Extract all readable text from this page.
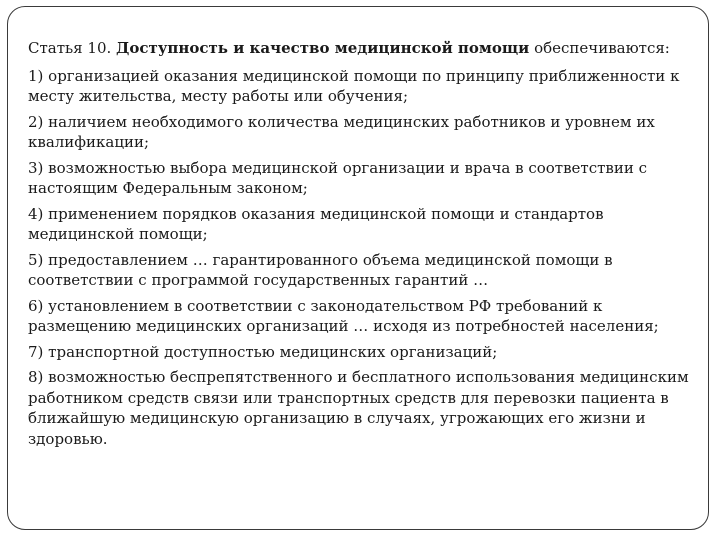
Статья 10. Доступность и качество медицинской помощи обеспечиваются:

1) организацией оказания медицинской помощи по принципу приближенности к месту жительства, месту работы или обучения;

2) наличием необходимого количества медицинских работников и уровнем их квалификации;

3) возможностью выбора медицинской организации и врача в соответствии с настоящим Федеральным законом;

4) применением порядков оказания медицинской помощи и стандартов медицинской помощи;

5) предоставлением … гарантированного объема медицинской помощи в соответствии с программой государственных гарантий …

6) установлением в соответствии с законодательством РФ требований к размещению медицинских организаций … исходя из потребностей населения;

7) транспортной доступностью медицинских организаций;

8) возможностью беспрепятственного и бесплатного использования медицинским работником средств связи или транспортных средств для перевозки пациента в ближайшую медицинскую организацию в случаях, угрожающих его жизни и здоровью.
